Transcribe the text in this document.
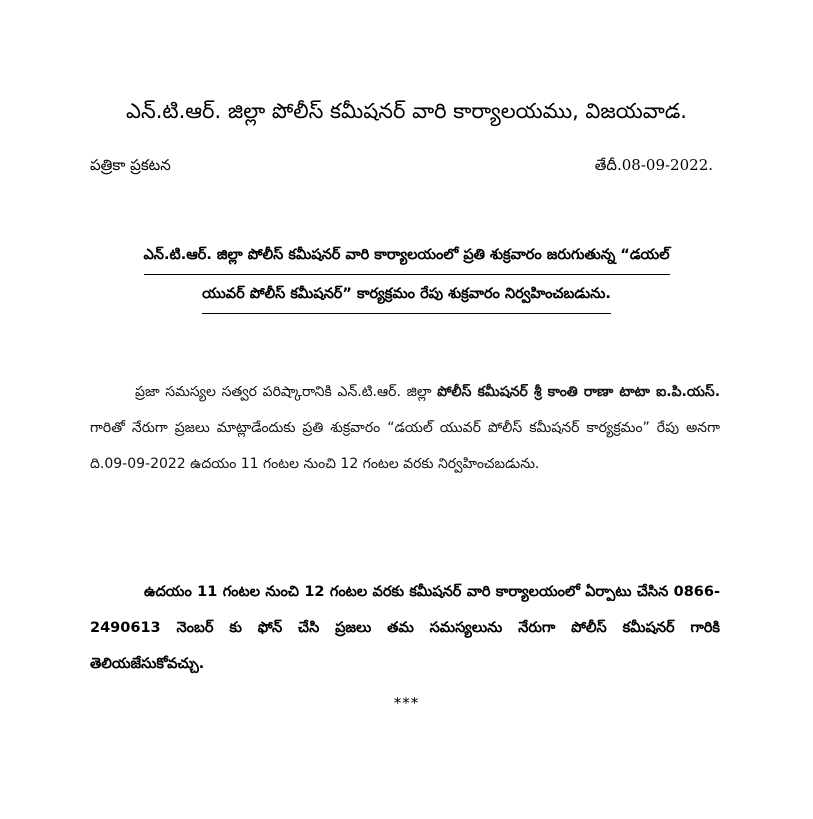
ఎన్.టి.ఆర్. జిల్లా పోలీస్ కమీషనర్ వారి కార్యాలయము, విజయవాడ.
పత్రికా ప్రకటన	తేదీ.08-09-2022.
ఎన్.టి.ఆర్. జిల్లా పోలీస్ కమీషనర్ వారి కార్యాలయంలో ప్రతి శుక్రవారం జరుగుతున్న “డయల్
యువర్ పోలీస్ కమీషనర్” కార్యక్రమం రేపు శుక్రవారం నిర్వహించబడును.
ప్రజా సమస్యల సత్వర పరిష్కారానికి ఎన్.టి.ఆర్. జిల్లా పోలీస్ కమీషనర్ శ్రీ కాంతి రాణా టాటా ఐ.పి.యస్. గారితో నేరుగా ప్రజలు మాట్లాడేందుకు ప్రతి శుక్రవారం “డయల్ యువర్ పోలీస్ కమీషనర్ కార్యక్రమం” రేపు అనగా ది.09-09-2022 ఉదయం 11 గంటల నుంచి 12 గంటల వరకు నిర్వహించబడును.
ఉదయం 11 గంటల నుంచి 12 గంటల వరకు కమీషనర్ వారి కార్యాలయంలో ఏర్పాటు చేసిన 0866-2490613 నెంబర్ కు ఫోన్ చేసి ప్రజలు తమ సమస్యలును నేరుగా పోలీస్ కమీషనర్ గారికి తెలియజేసుకోవచ్చు.
***
